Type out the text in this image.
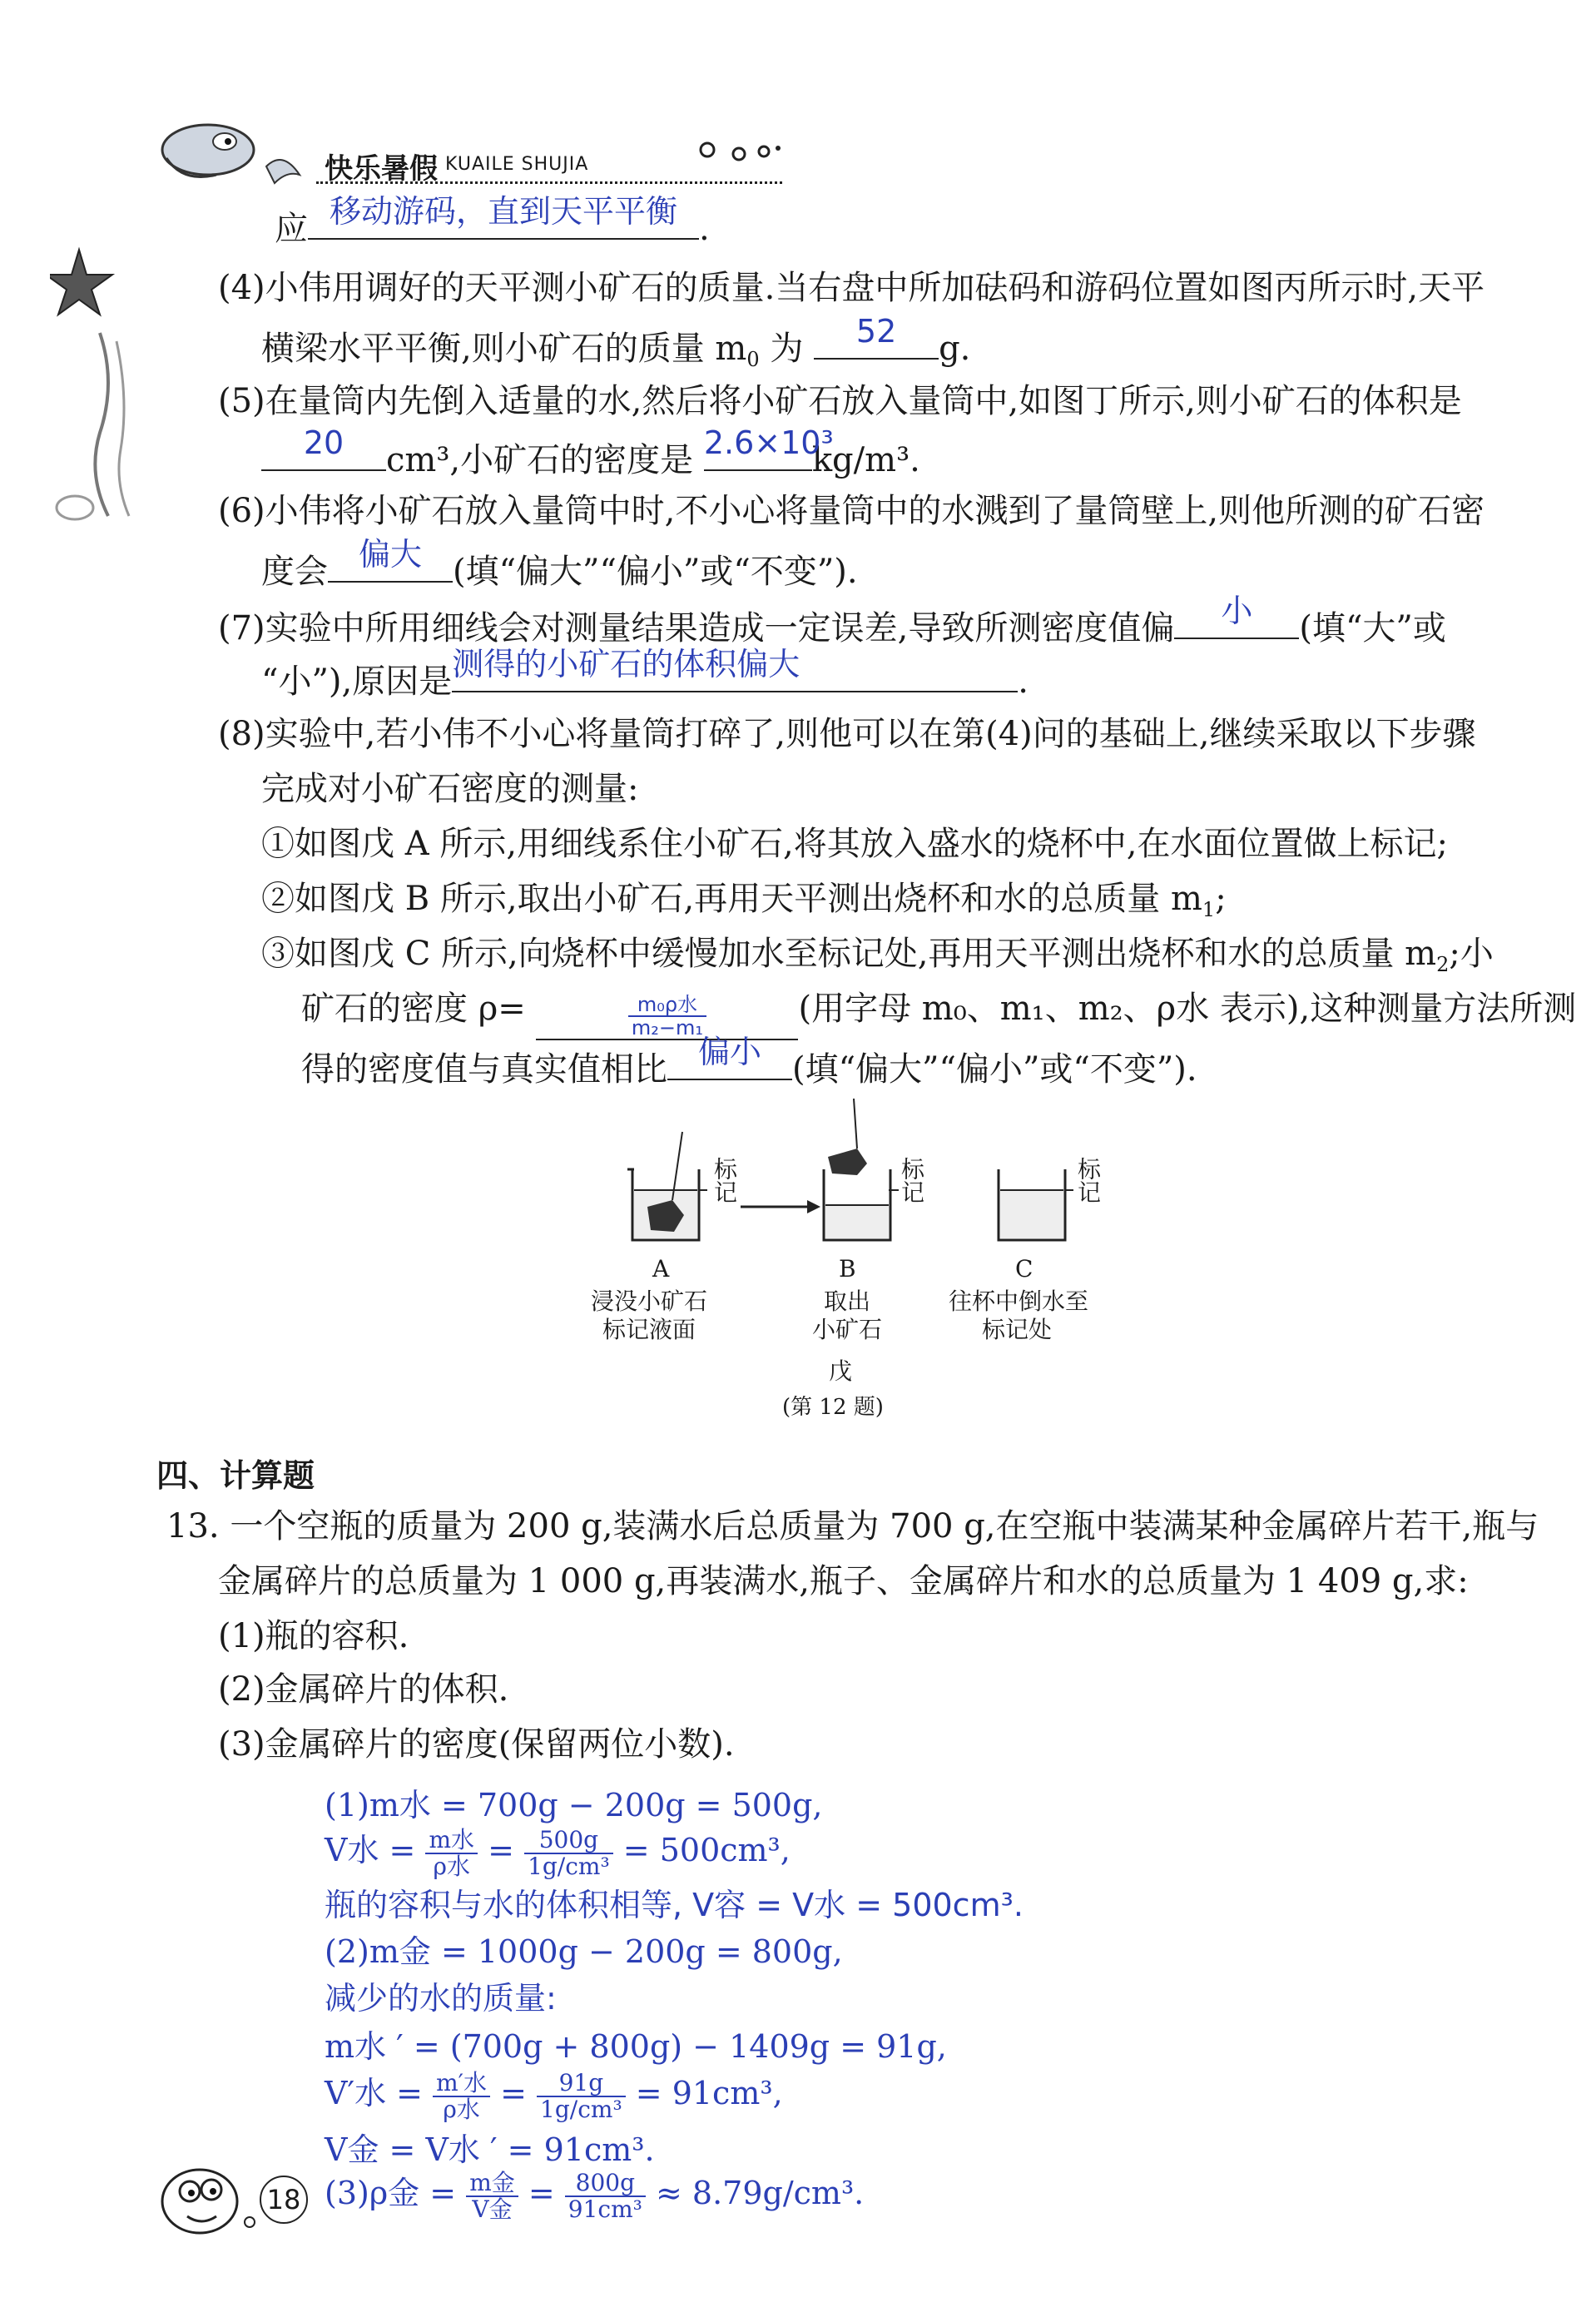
快乐暑假 KUAILE SHUJIA
应 移动游码，直到天平平衡 .
(4)小伟用调好的天平测小矿石的质量.当右盘中所加砝码和游码位置如图丙所示时,天平
横梁水平平衡,则小矿石的质量 $m_0$ 为	52	g.
(5)在量筒内先倒入适量的水,然后将小矿石放入量筒中,如图丁所示,则小矿石的体积是
20	cm³,小矿石的密度是 2.6×10³
kg/m³.
(6)小伟将小矿石放入量筒中时,不小心将量筒中的水溅到了量筒壁上,则他所测的矿石密
度会 偏大 (填“偏大”“偏小”或“不变”).
(7)实验中所用细线会对测量结果造成一定误差,导致所测密度值偏	小	(填“大”或
“小”),原因是 测得的小矿石的体积偏大	.
(8)实验中,若小伟不小心将量筒打碎了,则他可以在第(4)问的基础上,继续采取以下步骤
完成对小矿石密度的测量:
①如图戊 A 所示,用细线系住小矿石,将其放入盛水的烧杯中,在水面位置做上标记;
②如图戊 B 所示,取出小矿石,再用天平测出烧杯和水的总质量 $m_1$;
③如图戊 C 所示,向烧杯中缓慢加水至标记处,再用天平测出烧杯和水的总质量 $m_2$;小
矿石的密度 ρ=	$\frac{\text{m₀ρ水}}{\text{m₂−m₁}}$	(用字母 m₀、m₁、m₂、ρ水 表示),这种测量方法所测
得的密度值与真实值相比 偏小 (填“偏大”“偏小”或“不变”).
标记	标记	标记
A
浸没小矿石
标记液面
B
取出
小矿石
C
往杯中倒水至
标记处
戊
(第 12 题)
四、计算题
13. 一个空瓶的质量为 200 g,装满水后总质量为 700 g,在空瓶中装满某种金属碎片若干,瓶与
金属碎片的总质量为 1 000 g,再装满水,瓶子、金属碎片和水的总质量为 1 409 g,求:
(1)瓶的容积.
(2)金属碎片的体积.
(3)金属碎片的密度(保留两位小数).
(1)m水 = 700g − 200g = 500g,
V水 = $\frac{\text{m水}}{\text{ρ水}} = \frac{500g}{\text{1g/cm³}} = 500cm^3$,
瓶的容积与水的体积相等, V容 = V水 = 500cm³.
(2)m金 = 1000g − 200g = 800g,
减少的水的质量:
m水 ′ = (700g + 800g) − 1409g = 91g,
V′水 = $\frac{\text{m′水}}{\text{ρ水}} = \frac{91g}{\text{1g/cm³}} = 91cm^3$,
V金 = V水 ′ = 91cm³.
(3)ρ金 = $\frac{\text{m金}}{\text{V金}} = \frac{800g}{\text{91cm³}} \approx 8.79g/cm^3$.
18
